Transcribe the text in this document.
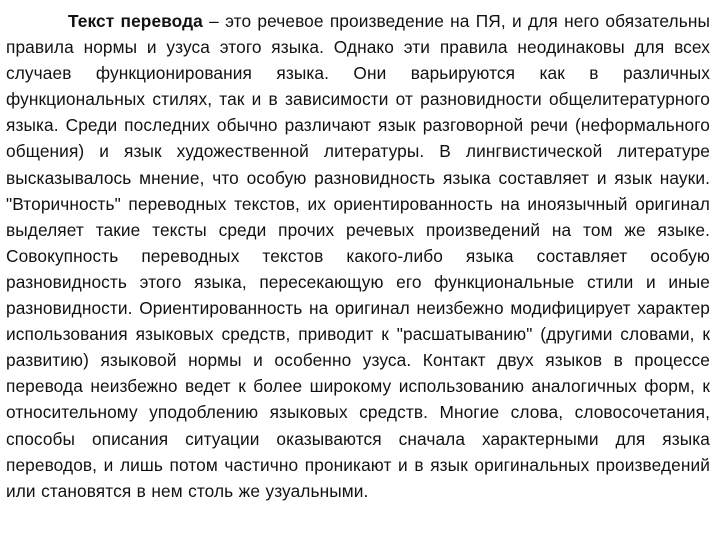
Текст перевода – это речевое произведение на ПЯ, и для него обязательны правила нормы и узуса этого языка. Однако эти правила неодинаковы для всех случаев функционирования языка. Они варьируются как в различных функциональных стилях, так и в зависимости от разновидности общелитературного языка. Среди последних обычно различают язык разговорной речи (неформального общения) и язык художественной литературы. В лингвистической литературе высказывалось мнение, что особую разновидность языка составляет и язык науки. "Вторичность" переводных текстов, их ориентированность на иноязычный оригинал выделяет такие тексты среди прочих речевых произведений на том же языке. Совокупность переводных текстов какого-либо языка составляет особую разновидность этого языка, пересекающую его функциональные стили и иные разновидности. Ориентированность на оригинал неизбежно модифицирует характер использования языковых средств, приводит к "расшатыванию" (другими словами, к развитию) языковой нормы и особенно узуса. Контакт двух языков в процессе перевода неизбежно ведет к более широкому использованию аналогичных форм, к относительному уподоблению языковых средств. Многие слова, словосочетания, способы описания ситуации оказываются сначала характерными для языка переводов, и лишь потом частично проникают и в язык оригинальных произведений или становятся в нем столь же узуальными.
